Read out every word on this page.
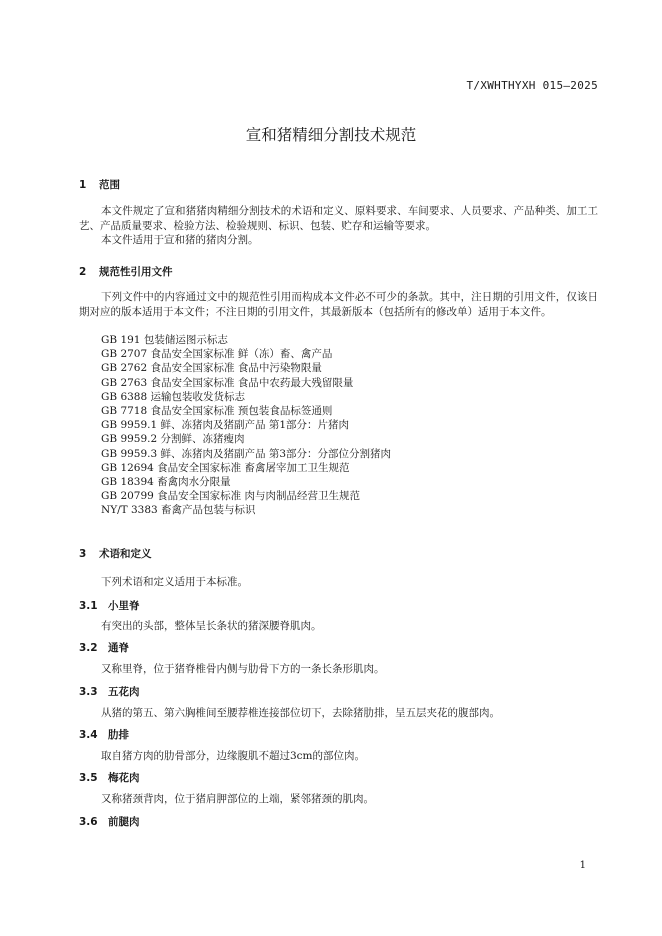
T/XWHTHYXH 015—2025
宣和猪精细分割技术规范
1 范围

本文件规定了宣和猪猪肉精细分割技术的术语和定义、原料要求、车间要求、人员要求、产品种类、加工工艺、产品质量要求、检验方法、检验规则、标识、包装、贮存和运输等要求。

本文件适用于宣和猪的猪肉分割。

2 规范性引用文件

下列文件中的内容通过文中的规范性引用而构成本文件必不可少的条款。其中，注日期的引用文件，仅该日期对应的版本适用于本文件；不注日期的引用文件，其最新版本（包括所有的修改单）适用于本文件。

GB 191 包装储运图示标志
GB 2707 食品安全国家标准 鲜（冻）畜、禽产品
GB 2762 食品安全国家标准 食品中污染物限量
GB 2763 食品安全国家标准 食品中农药最大残留限量
GB 6388 运输包装收发货标志
GB 7718 食品安全国家标准 预包装食品标签通则
GB 9959.1 鲜、冻猪肉及猪副产品 第1部分：片猪肉
GB 9959.2 分割鲜、冻猪瘦肉
GB 9959.3 鲜、冻猪肉及猪副产品 第3部分：分部位分割猪肉
GB 12694 食品安全国家标准 畜禽屠宰加工卫生规范
GB 18394 畜禽肉水分限量
GB 20799 食品安全国家标准 肉与肉制品经营卫生规范
NY/T 3383 畜禽产品包装与标识
3 术语和定义
下列术语和定义适用于本标准。
3.1 小里脊
有突出的头部，整体呈长条状的猪深腰脊肌肉。
3.2 通脊
又称里脊，位于猪脊椎骨内侧与肋骨下方的一条长条形肌肉。
3.3 五花肉
从猪的第五、第六胸椎间至腰荐椎连接部位切下，去除猪肋排，呈五层夹花的腹部肉。
3.4 肋排
取自猪方肉的肋骨部分，边缘腹肌不超过3cm的部位肉。
3.5 梅花肉
又称猪颈背肉，位于猪肩胛部位的上端，紧邻猪颈的肌肉。
3.6 前腿肉
1
